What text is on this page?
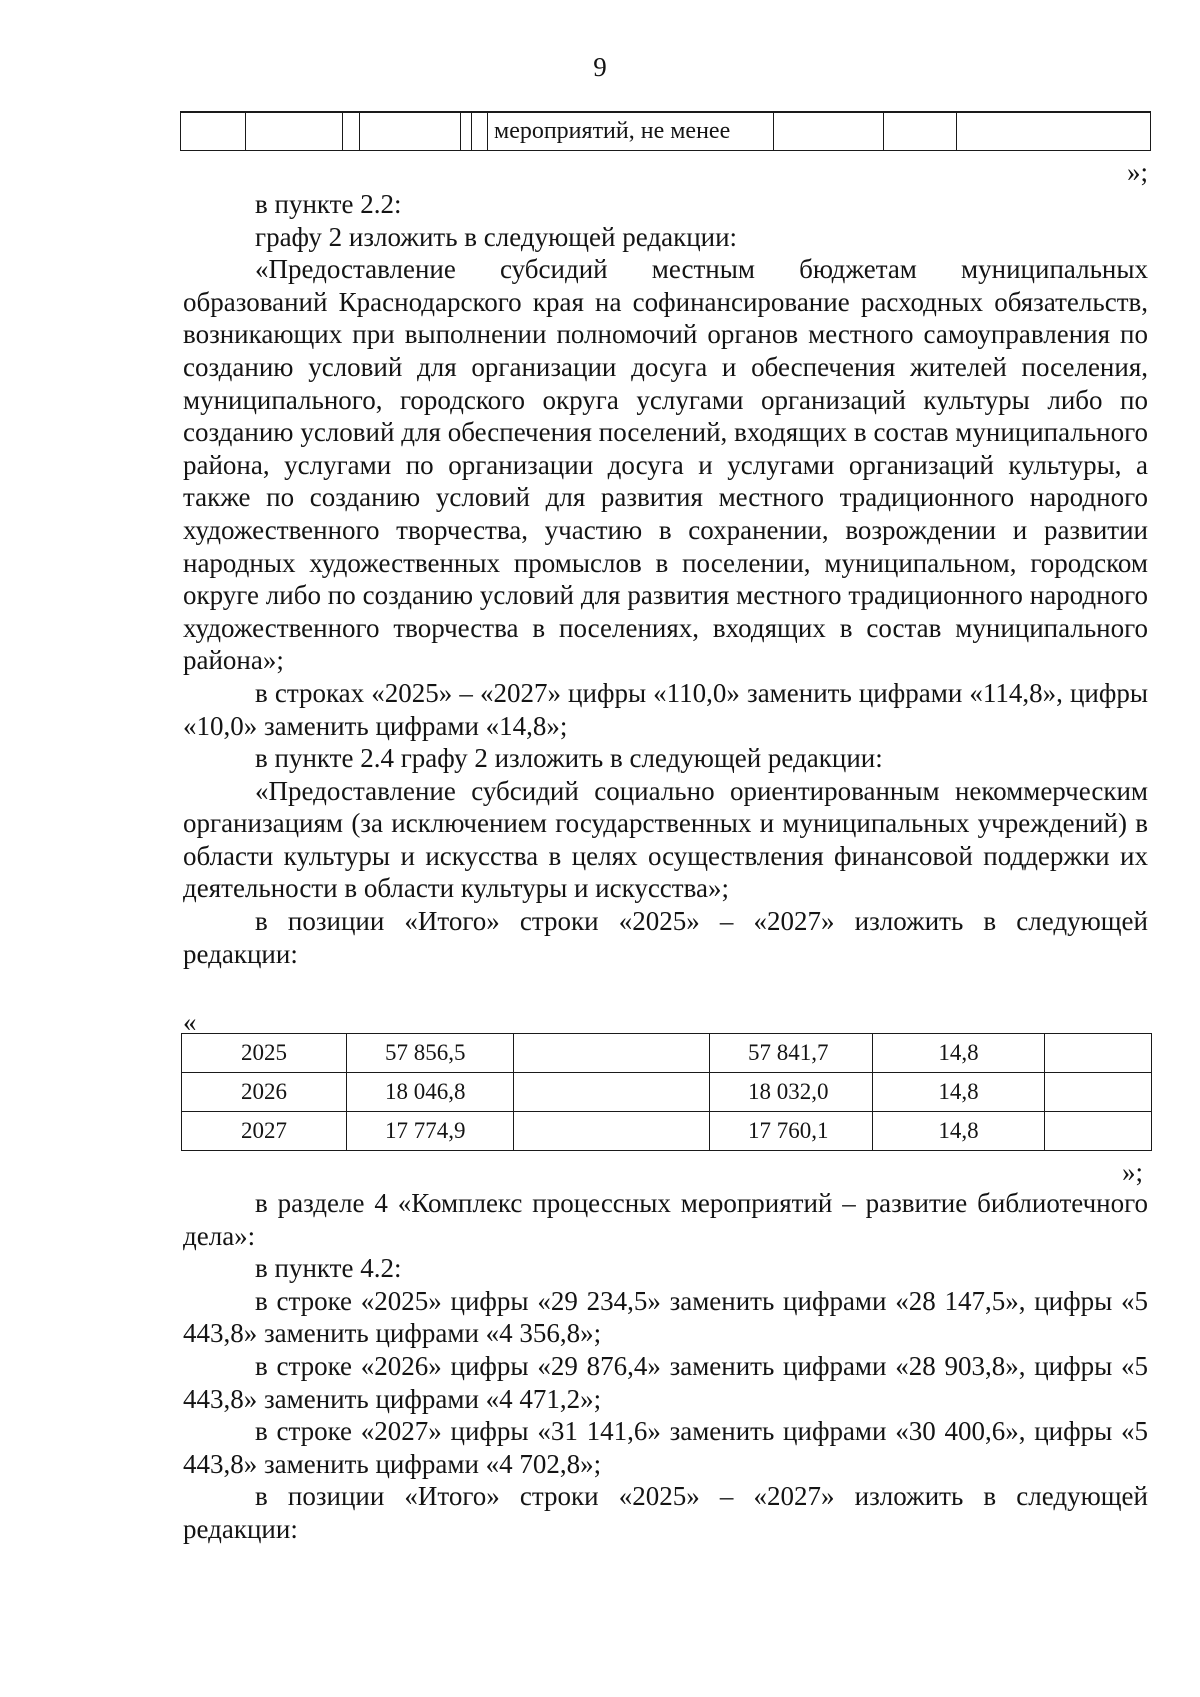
9
						мероприятий, не менее			
»;

в пункте 2.2:

графу 2 изложить в следующей редакции:

«Предоставление субсидий местным бюджетам муниципальных образований Краснодарского края на софинансирование расходных обязательств, возникающих при выполнении полномочий органов местного самоуправления по созданию условий для организации досуга и обеспечения жителей поселения, муниципального, городского округа услугами организаций культуры либо по созданию условий для обеспечения поселений, входящих в состав муниципального района, услугами по организации досуга и услугами организаций культуры, а также по созданию условий для развития местного традиционного народного художественного творчества, участию в сохранении, возрождении и развитии народных художественных промыслов в поселении, муниципальном, городском округе либо по созданию условий для развития местного традиционного народного художественного творчества в поселениях, входящих в состав муниципального района»;

в строках «2025» – «2027» цифры «110,0» заменить цифрами «114,8», цифры «10,0» заменить цифрами «14,8»;

в пункте 2.4 графу 2 изложить в следующей редакции:

«Предоставление субсидий социально ориентированным некоммерческим организациям (за исключением государственных и муниципальных учреждений) в области культуры и искусства в целях осуществления финансовой поддержки их деятельности в области культуры и искусства»;

в позиции «Итого» строки «2025» – «2027» изложить в следующей редакции:

«
2025	57 856,5		57 841,7	14,8	
2026	18 046,8		18 032,0	14,8	
2027	17 774,9		17 760,1	14,8	
»;

в разделе 4 «Комплекс процессных мероприятий – развитие библиотечного дела»:

в пункте 4.2:

в строке «2025» цифры «29 234,5» заменить цифрами «28 147,5», цифры «5 443,8» заменить цифрами «4 356,8»;

в строке «2026» цифры «29 876,4» заменить цифрами «28 903,8», цифры «5 443,8» заменить цифрами «4 471,2»;

в строке «2027» цифры «31 141,6» заменить цифрами «30 400,6», цифры «5 443,8» заменить цифрами «4 702,8»;

в позиции «Итого» строки «2025» – «2027» изложить в следующей редакции:
